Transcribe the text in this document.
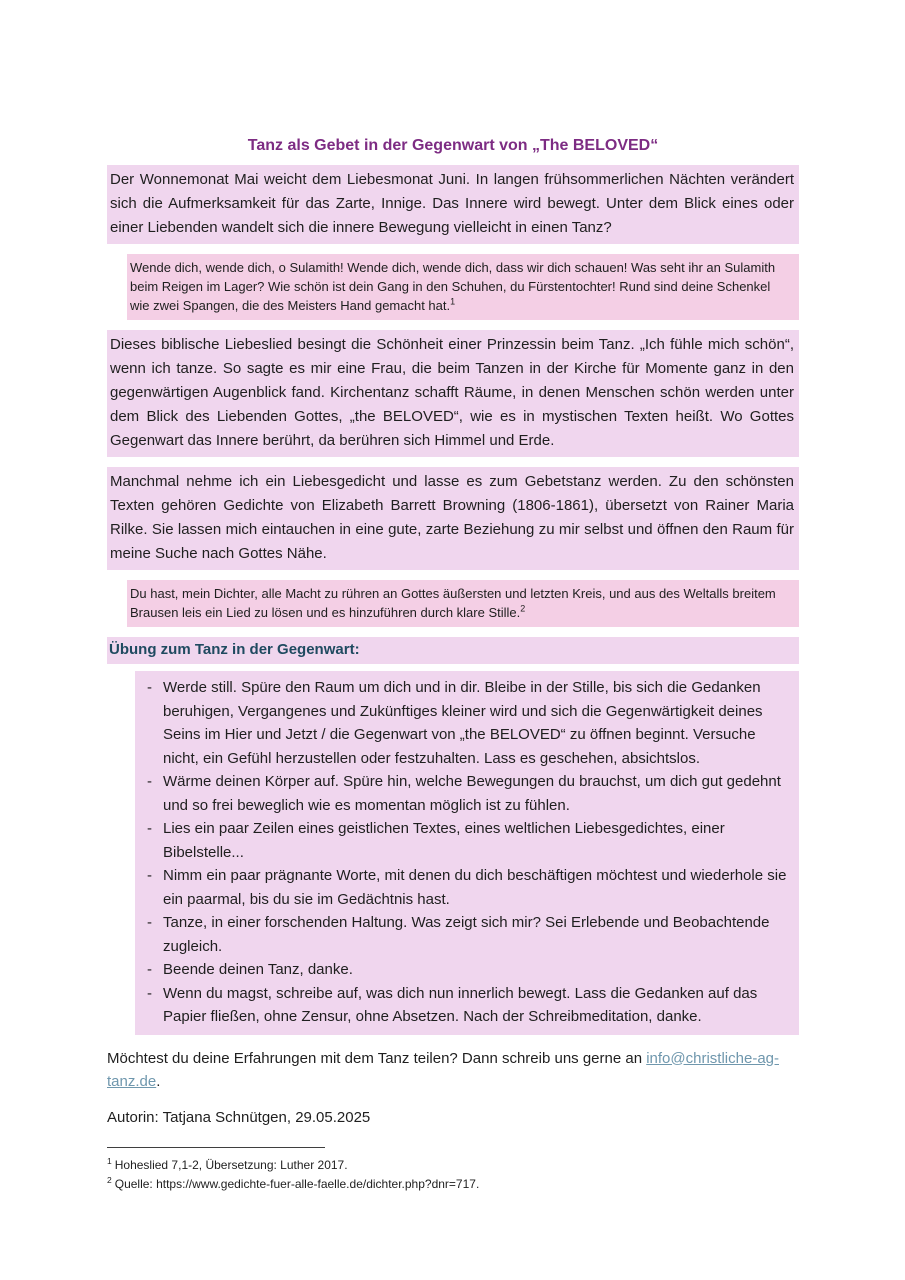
Tanz als Gebet in der Gegenwart von „The BELOVED“

Der Wonnemonat Mai weicht dem Liebesmonat Juni. In langen frühsommerlichen Nächten verändert sich die Aufmerksamkeit für das Zarte, Innige. Das Innere wird bewegt. Unter dem Blick eines oder einer Liebenden wandelt sich die innere Bewegung vielleicht in einen Tanz?

Wende dich, wende dich, o Sulamith! Wende dich, wende dich, dass wir dich schauen! Was seht ihr an Sulamith beim Reigen im Lager? Wie schön ist dein Gang in den Schuhen, du Fürstentochter! Rund sind deine Schenkel wie zwei Spangen, die des Meisters Hand gemacht hat.$^1$

Dieses biblische Liebeslied besingt die Schönheit einer Prinzessin beim Tanz. „Ich fühle mich schön“, wenn ich tanze. So sagte es mir eine Frau, die beim Tanzen in der Kirche für Momente ganz in den gegenwärtigen Augenblick fand. Kirchentanz schafft Räume, in denen Menschen schön werden unter dem Blick des Liebenden Gottes, „the BELOVED“, wie es in mystischen Texten heißt. Wo Gottes Gegenwart das Innere berührt, da berühren sich Himmel und Erde.

Manchmal nehme ich ein Liebesgedicht und lasse es zum Gebetstanz werden. Zu den schönsten Texten gehören Gedichte von Elizabeth Barrett Browning (1806-1861), übersetzt von Rainer Maria Rilke. Sie lassen mich eintauchen in eine gute, zarte Beziehung zu mir selbst und öffnen den Raum für meine Suche nach Gottes Nähe.

Du hast, mein Dichter, alle Macht zu rühren an Gottes äußersten und letzten Kreis, und aus des Weltalls breitem Brausen leis ein Lied zu lösen und es hinzuführen durch klare Stille.$^2$
Übung zum Tanz in der Gegenwart:
- Werde still. Spüre den Raum um dich und in dir. Bleibe in der Stille, bis sich die Gedanken beruhigen, Vergangenes und Zukünftiges kleiner wird und sich die Gegenwärtigkeit deines Seins im Hier und Jetzt / die Gegenwart von „the BELOVED“ zu öffnen beginnt. Versuche nicht, ein Gefühl herzustellen oder festzuhalten. Lass es geschehen, absichtslos.
- Wärme deinen Körper auf. Spüre hin, welche Bewegungen du brauchst, um dich gut gedehnt und so frei beweglich wie es momentan möglich ist zu fühlen.
- Lies ein paar Zeilen eines geistlichen Textes, eines weltlichen Liebesgedichtes, einer Bibelstelle...
- Nimm ein paar prägnante Worte, mit denen du dich beschäftigen möchtest und wiederhole sie ein paarmal, bis du sie im Gedächtnis hast.
- Tanze, in einer forschenden Haltung. Was zeigt sich mir? Sei Erlebende und Beobachtende zugleich.
- Beende deinen Tanz, danke.
- Wenn du magst, schreibe auf, was dich nun innerlich bewegt. Lass die Gedanken auf das Papier fließen, ohne Zensur, ohne Absetzen. Nach der Schreibmeditation, danke.

Möchtest du deine Erfahrungen mit dem Tanz teilen? Dann schreib uns gerne an info@christliche-ag-tanz.de.

Autorin: Tatjana Schnütgen, 29.05.2025

$^1$ Hoheslied 7,1-2, Übersetzung: Luther 2017.
$^2$ Quelle: https://www.gedichte-fuer-alle-faelle.de/dichter.php?dnr=717.
